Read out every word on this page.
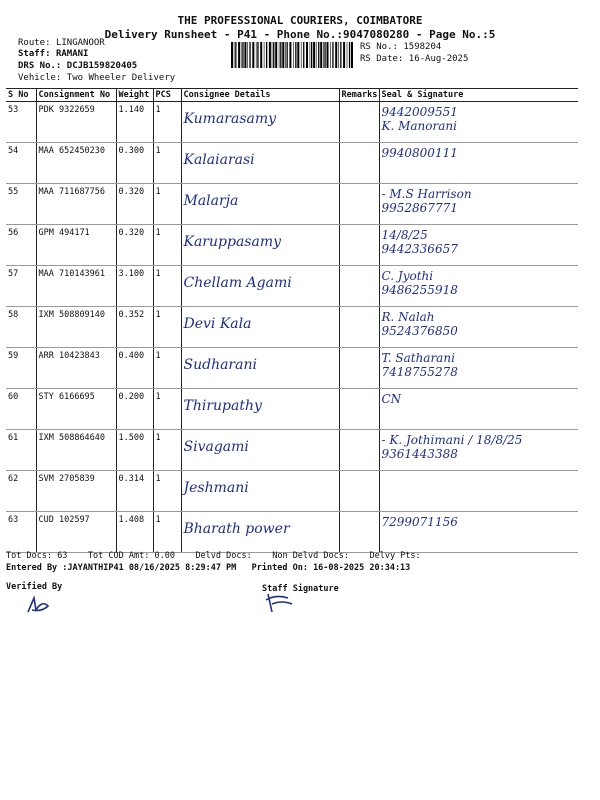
THE PROFESSIONAL COURIERS, COIMBATORE
Delivery Runsheet - P41 - Phone No.:9047080280 - Page No.:5
Route: LINGANOOR
Staff: RAMANI
DRS No.: DCJB159820405
Vehicle: Two Wheeler Delivery
RS No.: 1598204
RS Date: 16-Aug-2025
S No	Consignment No	Weight	PCS	Consignee Details	Remarks	Seal & Signature
53	PDK 9322659	1.140	1	Kumarasamy		9442009551
K. Manorani

54	MAA 652450230	0.300	1	Kalaiarasi		9940800111

55	MAA 711687756	0.320	1	Malarja		- M.S Harrison
9952867771

56	GPM 494171	0.320	1	Karuppasamy		14/8/25
9442336657

57	MAA 710143961	3.100	1	Chellam Agami		C. Jyothi
9486255918

58	IXM 508809140	0.352	1	Devi Kala		R. Nalah
9524376850

59	ARR 10423843	0.400	1	Sudharani		T. Satharani
7418755278

60	STY 6166695	0.200	1	Thirupathy		CN

61	IXM 508864640	1.500	1	Sivagami		- K. Jothimani / 18/8/25
9361443388

62	SVM 2705839	0.314	1	Jeshmani		

63	CUD 102597	1.408	1	Bharath power		7299071156
Tot Docs: 63 Tot COD Amt: 0.00 Delvd Docs: Non Delvd Docs: Delvy Pts:
Entered By :JAYANTHIP41 08/16/2025 8:29:47 PM Printed On: 16-08-2025 20:34:13
Verified By	Staff Signature
